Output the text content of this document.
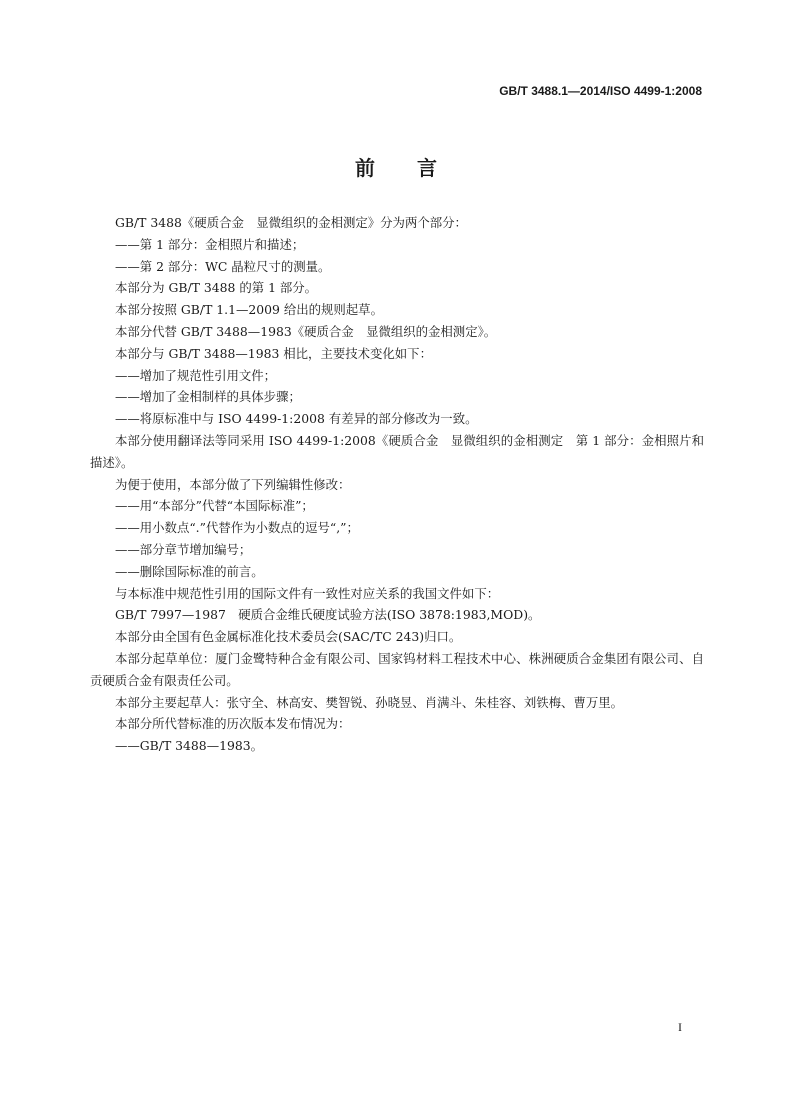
GB/T 3488.1—2014/ISO 4499-1:2008
前言

GB/T 3488《硬质合金　显微组织的金相测定》分为两个部分：

——第 1 部分：金相照片和描述；

——第 2 部分：WC 晶粒尺寸的测量。

本部分为 GB/T 3488 的第 1 部分。

本部分按照 GB/T 1.1—2009 给出的规则起草。

本部分代替 GB/T 3488—1983《硬质合金　显微组织的金相测定》。

本部分与 GB/T 3488—1983 相比，主要技术变化如下：

——增加了规范性引用文件；

——增加了金相制样的具体步骤；

——将原标准中与 ISO 4499-1:2008 有差异的部分修改为一致。

本部分使用翻译法等同采用 ISO 4499-1:2008《硬质合金　显微组织的金相测定　第 1 部分：金相照片和描述》。

为便于使用，本部分做了下列编辑性修改：

——用“本部分”代替“本国际标准”；

——用小数点“.”代替作为小数点的逗号“,”；

——部分章节增加编号；

——删除国际标准的前言。

与本标准中规范性引用的国际文件有一致性对应关系的我国文件如下：

GB/T 7997—1987　硬质合金维氏硬度试验方法(ISO 3878:1983,MOD)。

本部分由全国有色金属标准化技术委员会(SAC/TC 243)归口。

本部分起草单位：厦门金鹭特种合金有限公司、国家钨材料工程技术中心、株洲硬质合金集团有限公司、自贡硬质合金有限责任公司。

本部分主要起草人：张守全、林高安、樊智锐、孙晓昱、肖满斗、朱桂容、刘铁梅、曹万里。

本部分所代替标准的历次版本发布情况为：

——GB/T 3488—1983。

I
